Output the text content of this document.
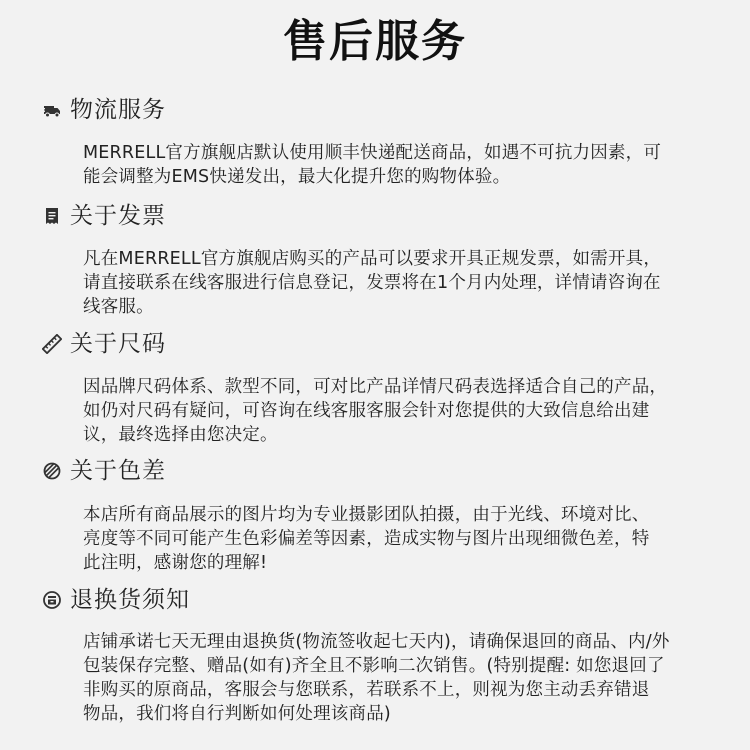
售后服务
物流服务
MERRELL官方旗舰店默认使用顺丰快递配送商品，如遇不可抗力因素，可
能会调整为EMS快递发出，最大化提升您的购物体验。
关于发票
凡在MERRELL官方旗舰店购买的产品可以要求开具正规发票，如需开具，
请直接联系在线客服进行信息登记，发票将在1个月内处理，详情请咨询在
线客服。
关于尺码
因品牌尺码体系、款型不同，可对比产品详情尺码表选择适合自己的产品，
如仍对尺码有疑问，可咨询在线客服客服会针对您提供的大致信息给出建
议，最终选择由您决定。
关于色差
本店所有商品展示的图片均为专业摄影团队拍摄，由于光线、环境对比、
亮度等不同可能产生色彩偏差等因素，造成实物与图片出现细微色差，特
此注明，感谢您的理解!
退换货须知
店铺承诺七天无理由退换货(物流签收起七天内)，请确保退回的商品、内/外
包装保存完整、赠品(如有)齐全且不影响二次销售。(特别提醒: 如您退回了
非购买的原商品，客服会与您联系，若联系不上，则视为您主动丢弃错退
物品，我们将自行判断如何处理该商品)
